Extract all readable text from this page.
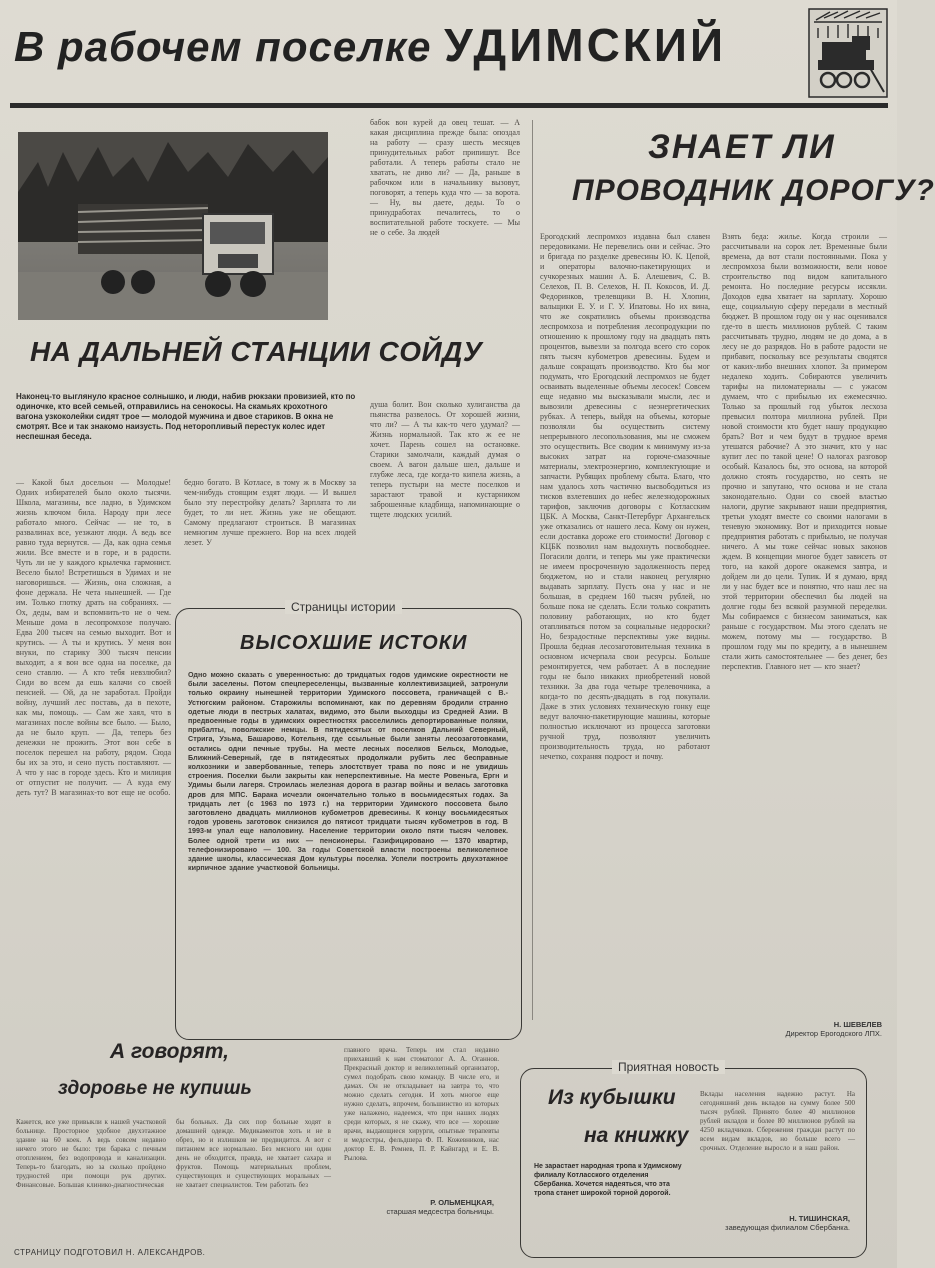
В рабочем поселке УДИМСКИЙ
бабок вон курей да овец тешат. — А какая дисциплина прежде была: опоздал на работу — сразу шесть месяцев принудительных работ припишут. Все работали. А теперь работы стало не хватать, не диво ли? — Да, раньше в рабочком или в начальнику вызовут, поговорят, а теперь куда что — за ворота. — Ну, вы даете, деды. То о принудработах печалитесь, то о воспитательной работе тоскуете. — Мы не о себе. За людей
НА ДАЛЬНЕЙ СТАНЦИИ СОЙДУ
Наконец-то выглянуло красное солнышко, и люди, набив рюкзаки провизией, кто по одиночке, кто всей семьей, отправились на сенокосы. На скамьях крохотного вагона узкоколейки сидят трое — молодой мужчина и двое стариков. В окна не смотрят. Все и так знакомо наизусть. Под неторопливый перестук колес идет неспешная беседа.
душа болит. Вон сколько хулиганства да пьянства развелось. От хорошей жизни, что ли? — А ты как-то чего удумал? — Жизнь нормальной. Так кто ж ее не хочет. Парень сошел на остановке. Старики замолчали, каждый думая о своем. А вагон дальше шел, дальше и глубже леса, где когда-то кипела жизнь, а теперь пустыри на месте поселков и зарастают травой и кустарником заброшенные кладбища, напоминающие о тщете людских усилий.
— Какой был досельон — Молодые! Одних избирателей было около тысячи. Школа, магазины, все ладно, в Удимском жизнь ключом била. Народу при лесе работало много. Сейчас — не то, в развалинах все, уезжают люди. А ведь все равно туда вернутся. — Да, как одна семья жили. Все вместе и в горе, и в радости. Чуть ли не у каждого крылечка гармонист. Весело было! Встретишься в Удимах и не наговоришься. — Жизнь, она сложная, а фоне держала. Не чета нынешней. — Где им. Только глотку драть на собраниях. — Ох, деды, вам и вспомнить-то не о чем. Меньше дома в лесопромхозе получаю. Едва 200 тысяч на семью выходит. Вот и крутись. — А ты и крутись. У меня вон внуки, по старику 300 тысяч пенсии выходит, а я вон все одна на поселке, да сено ставлю. — А кто тебя невзлюбил? Сиди во всем да ешь калачи со своей пенсией. — Ой, да не заработал. Пройди войну, лучший лес поставь, да в пехоте, как мы, помощь. — Сам же хаял, что в магазинах после войны все было. — Было, да не было круп. — Да, теперь без денежки не прожить. Этот вон себе в поселок перешел на работу, рядом. Сюда бы их за это, и сено пусть поставляют. — А что у нас в городе здесь. Кто и милиция от отпустит не получит. — А куда ему деть тут? В магазинах-то вот еще не особо.
бедно богато. В Котласе, в тому ж в Москву за чем-нибудь стоящим ездят люди. — И вышел было эту перестройку делать? Зарплата то ли будет, то ли нет. Жизнь уже не обещают. Самому предлагают строиться. В магазинах немногим лучше прежнего. Вор на всех людей лезет. У
Страницы истории
ВЫСОХШИЕ ИСТОКИ
Одно можно сказать с уверенностью: до тридцатых годов удимские окрестности не были заселены. Потом спецпереселенцы, вызванные коллективизацией, затронули только окраину нынешней территории Удимского поссовета, граничащей с В.-Устюгским районом. Старожилы вспоминают, как по деревням бродили странно одетые люди в пестрых халатах, видимо, это были выходцы из Средней Азии. В предвоенные годы в удимских окрестностях расселились депортированные поляки, прибалты, поволжские немцы. В пятидесятых от поселков Дальний Северный, Стрига, Узьма, Башарово, Котельня, где ссыльные были заняты лесозаготовками, остались одни печные трубы. На месте лесных поселков Бельск, Молодые, Ближний-Северный, где в пятидесятых продолжали рубить лес бесправные колхозники и завербованные, теперь злостствует трава по пояс и не увидишь строения. Поселки были закрыты как неперспективные. На месте Ровеньга, Ергн и Удимы были лагеря. Строилась железная дорога в разгар войны и велась заготовка дров для МПС. Барака исчезли окончательно только в восьмидесятых годах. За тридцать лет (с 1963 по 1973 г.) на территории Удимского поссовета было заготовлено двадцать миллионов кубометров древесины. К концу восьмидесятых годов уровень заготовок снизился до пятисот тридцати тысяч кубометров в год. В 1993-м упал еще наполовину. Население территории около пяти тысяч человек. Более одной трети из них — пенсионеры. Газифицировано — 1370 квартир, телефонизировано — 100. За годы Советской власти построены великолепное здание школы, классическая Дом культуры поселка. Успели построить двухэтажное кирпичное здание участковой больницы.
А говорят,
здоровье не купишь
Кажется, все уже привыкли к нашей участковой больнице. Просторное удобное двухэтажное здание на 60 коек. А ведь совсем недавно ничего этого не было: три барака с печным отоплением, без водопровода и канализации. Теперь-то благодать, но за сколько пройдено трудностей при помощи рук других. Финансовые. Большая клинико-диагностическая
бы больных. Да сих пор больные ходят в домашней одежде. Медикаментов хоть и не в обрез, но и излишков не предвидится. А вот с питанием все нормально. Без мясного ни один день не обходится, правда, не хватает сахара и фруктов. Помощь материальных проблем, существующих и существующих моральных — не хватает специалистов. Тем работать без
главного врача. Теперь им стал недавно приехавший к нам стоматолог А. А. Оганнов. Прекрасный доктор и великолепный организатор, сумел подобрать свою команду. В числе его, и дамах. Он не откладывает на завтра то, что можно сделать сегодня. И хоть многое еще нужно сделать, впрочем, большинство из которых уже налажено, надеемся, что при наших людях среди которых, я не скажу, что все — хорошие врачи, выдающиеся хирурги, опытные терапевты и медсестры, фельдшера Ф. П. Кожевников, нас доктор Е. В. Ремнев, П. Р. Кайнгард и Е. В. Рылова.
Р. ОЛЬМЕНЦКАЯ,
старшая медсестра больницы.
СТРАНИЦУ ПОДГОТОВИЛ Н. АЛЕКСАНДРОВ.
ЗНАЕТ ЛИ
ПРОВОДНИК ДОРОГУ?
Ерогодский леспромхоз издавна был славен передовиками. Не перевелись они и сейчас. Это и бригада по разделке древесины Ю. К. Цепой, и операторы валочно-пакетирующих и сучкорезных машин А. Б. Алешевич, С. В. Селехов, П. В. Селехов, Н. П. Кокосов, И. Д. Федоринков, трелевщики В. Н. Хлопин, вальщики Е. У. и Г. У. Ипатовы. Но их вина, что же сократились объемы производства леспромхоза и потребления лесопродукции по отношению к прошлому году на двадцать пять процентов, вывезли за полгода всего сто сорок пять тысяч кубометров древесины. Будем и дальше сокращать производство. Кто бы мог подумать, что Ерогодский леспромхоз не будет осваивать выделенные объемы лесосек! Совсем еще недавно мы высказывали мысли, лес и вывозили древесины с неэнергетических рубках. А теперь, выйдя на объемы, которые позволяли бы осуществить систему непрерывного лесопользования, мы не сможем это осуществить. Все сводим к минимуму из-за высоких затрат на горюче-смазочные материалы, электроэнергию, комплектующие и запчасти. Рубящих проблему сбыта. Благо, что нам удалось хоть частично высвободиться из тисков взлетевших до небес железнодорожных тарифов, заключив договоры с Котласским ЦБК. А Москва, Санкт-Петербург Архангельск уже отказались от нашего леса. Кому он нужен, если доставка дороже его стоимости! Договор с КЦБК позволил нам выдохнуть посвободнее. Погасили долги, и теперь мы уже практически не имеем просроченную задолженность перед бюджетом, но и стали наконец регулярно выдавать зарплату. Пусть она у нас и не большая, в среднем 160 тысяч рублей, но больше пока не сделать. Если только сократить половину работающих, но кто будет отапливаться потом за социальные недороски? Но, безрадостные перспективы уже видны. Прошла бедная лесозаготовительная техника в основном исчерпала свои ресурсы. Больше ремонтируется, чем работает. А в последние годы не было никаких приобретений новой техники. За два года четыре трелевочника, а когда-то по десять-двадцать в год покупали. Даже в этих условиях техническую гонку еще ведут валочно-пакетирующие машины, которые полностью исключают из процесса заготовки ручной труд, позволяют увеличить производительность труда, но работают нечетко, сохраняя подрост и почву.
Взять беда: жилье. Когда строили — рассчитывали на сорок лет. Временные были времена, да вот стали постоянными. Пока у леспромхоза были возможности, вели новое строительство под видом капитального ремонта. Но последние ресурсы иссякли. Доходов едва хватает на зарплату. Хорошо еще, социальную сферу передали в местный бюджет. В прошлом году он у нас оценивался где-то в шесть миллионов рублей. С таким рассчитывать трудно, людям не до дома, а в лесу не до разрядов. Но в работе радости не прибавит, поскольку все результаты сводятся от каких-либо внешних хлопот. За примером недалеко ходить. Собираются увеличить тарифы на пиломатериалы — с ужасом думаем, что с прибылью их ежемесячно. Только за прошлый год убыток лесхоза превысил полтора миллиона рублей. При новой стоимости кто будет нашу продукцию брать? Вот и чем будут в трудное время утешатся рабочие? А это значит, кто у нас купит лес по такой цене! О налогах разговор особый. Казалось бы, это основа, на которой должно стоять государство, но сеять не прочно и запутано, что основа и не стала законодательно. Одни со своей властью налоги, другие закрывают наши предприятия, третьи уходят вместе со своими налогами в теневую экономику. Вот и приходится новые предприятия работать с прибылью, не получая ничего. А мы тоже сейчас новых законов ждем. В концепции многое будет зависеть от того, на какой дороге окажемся завтра, и дойдем ли до цели. Тупик. И я думаю, вряд ли у нас будет все и понятно, что наш лес на этой территории обеспечил бы людей на долгие годы без всякой разумной переделки. Мы собираемся с бизнесом заниматься, как раньше с государством. Мы этого сделать не можем, потому мы — государство. В прошлом году мы по кредиту, а в нынешнем стали жить самостоятельнее — без денег, без перспектив. Главного нет — кто знает?
Н. ШЕВЕЛЕВ
Директор Ерогодского ЛПХ.
Приятная новость
Из кубышки
на книжку
Не зарастает народная тропа к Удимскому филиалу Котласского отделения Сбербанка. Хочется надеяться, что эта тропа станет широкой торной дорогой.
Вклады населения надежно растут. На сегодняшний день вкладов на сумму более 500 тысяч рублей. Принято более 40 миллионов рублей вкладов и более 80 миллионов рублей на 4250 вкладчиков. Сбережения граждан растут по всем видам вкладов, но больше всего — срочных. Отделение выросло и в наш район.
Н. ТИШИНСКАЯ,
заведующая филиалом Сбербанка.
